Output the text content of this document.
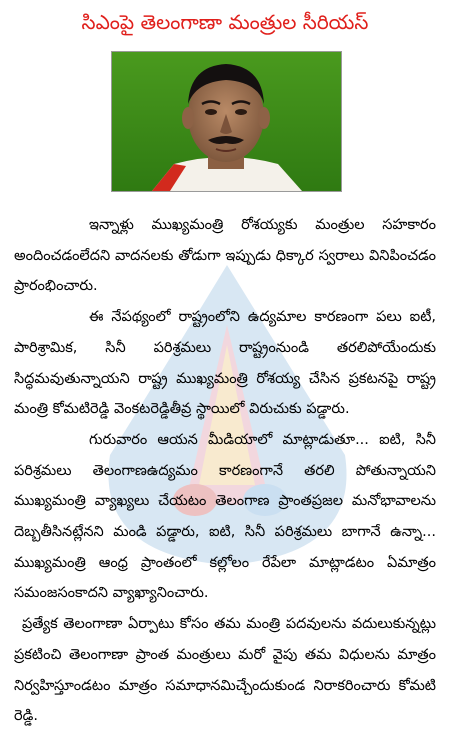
సిఎంపై తెలంగాణా మంత్రుల సీరియస్

ఇన్నాళ్లు ముఖ్యమంత్రి రోశయ్యకు మంత్రుల సహకారం అందించడంలేదని వాదనలకు తోడుగా ఇప్పుడు ధిక్కార స్వరాలు వినిపించడం ప్రారంభించారు.

ఈ నేపథ్యంలో రాష్ట్రంలోని ఉద్యమాల కారణంగా పలు ఐటీ, పారిశ్రామిక, సినీ పరిశ్రమలు రాష్ట్రంనుండి తరలిపోయేందుకు సిద్ధమవుతున్నాయని రాష్ట్ర ముఖ్యమంత్రి రోశయ్య చేసిన ప్రకటనపై రాష్ట్ర మంత్రి కోమటిరెడ్డి వెంకటరెడ్డితీవ్ర స్థాయిలో విరుచుకు పడ్డారు.

గురువారం ఆయన మీడియాలో మాట్లాడుతూ... ఐటి, సినీ పరిశ్రమలు తెలంగాణఉద్యమం కారణంగానే తరలి పోతున్నాయని ముఖ్యమంత్రి వ్యాఖ్యలు చేయటం తెలంగాణ ప్రాంతప్రజల మనోభావాలను దెబ్బతీసినట్లేనని మండి పడ్డారు, ఐటి, సినీ పరిశ్రమలు బాగానే ఉన్నా... ముఖ్యమంత్రి ఆంధ్ర ప్రాంతంలో కల్లోలం రేపేలా మాట్లాడటం ఏమాత్రం సమంజసంకాదని వ్యాఖ్యానించారు.

ప్రత్యేక తెలంగాణా ఏర్పాటు కోసం తమ మంత్రి పదవులను వదులుకున్నట్లు ప్రకటించి తెలంగాణా ప్రాంత మంత్రులు మరో వైపు తమ విధులను మాత్రం నిర్వహిస్తూండటం మాత్రం సమాధానమిచ్చేందుకుండ నిరాకరించారు కోమటి రెడ్డి.
